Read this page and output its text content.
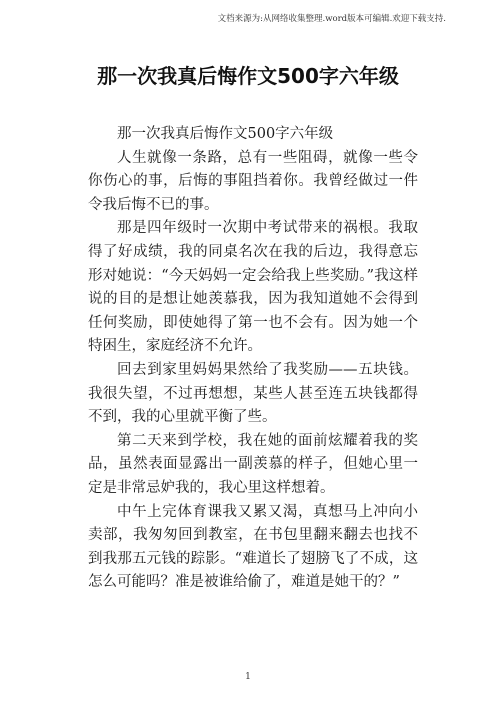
文档来源为:从网络收集整理.word版本可编辑.欢迎下载支持.
那一次我真后悔作文500字六年级

那一次我真后悔作文500字六年级

人生就像一条路，总有一些阻碍，就像一些令你伤心的事，后悔的事阻挡着你。我曾经做过一件令我后悔不已的事。

那是四年级时一次期中考试带来的祸根。我取得了好成绩，我的同桌名次在我的后边，我得意忘形对她说：“今天妈妈一定会给我上些奖励。”我这样说的目的是想让她羡慕我，因为我知道她不会得到任何奖励，即使她得了第一也不会有。因为她一个特困生，家庭经济不允许。

回去到家里妈妈果然给了我奖励——五块钱。我很失望，不过再想想，某些人甚至连五块钱都得不到，我的心里就平衡了些。

第二天来到学校，我在她的面前炫耀着我的奖品，虽然表面显露出一副羡慕的样子，但她心里一定是非常忌妒我的，我心里这样想着。

中午上完体育课我又累又渴，真想马上冲向小卖部，我匆匆回到教室，在书包里翻来翻去也找不到我那五元钱的踪影。“难道长了翅膀飞了不成，这怎么可能吗？准是被谁给偷了，难道是她干的？”

1
